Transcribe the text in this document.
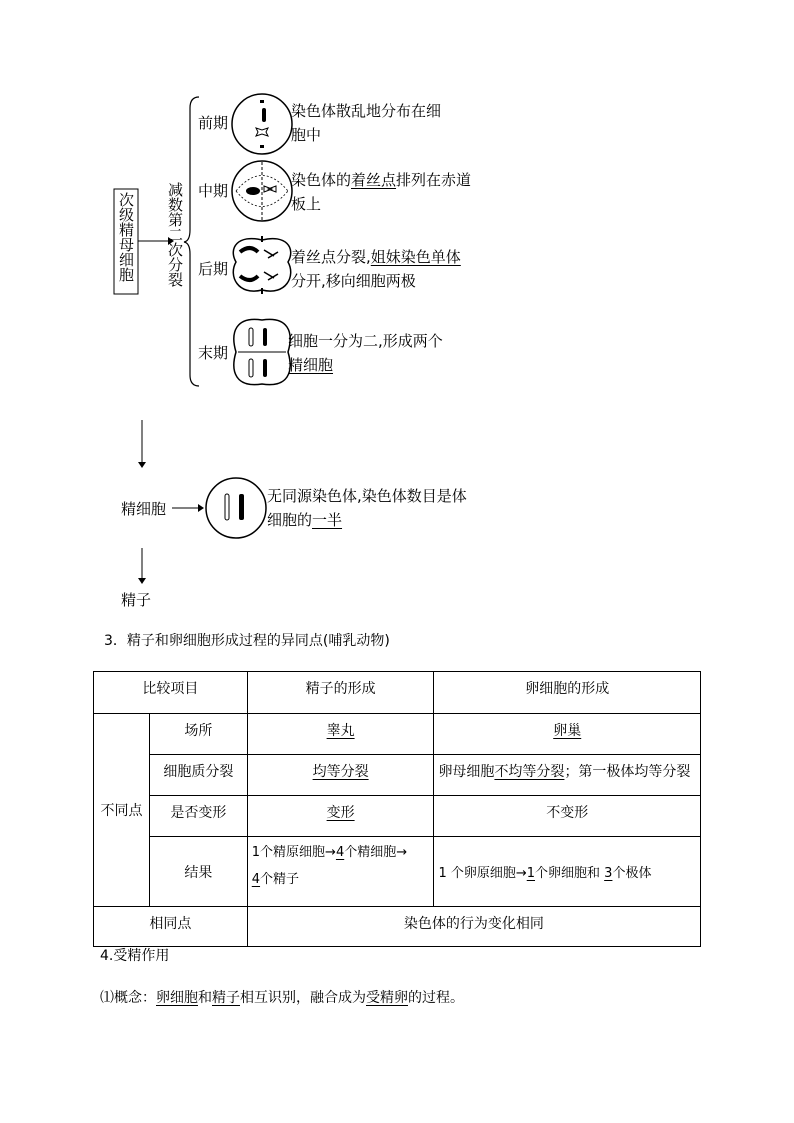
次级精母细胞 减数第二次分裂
前期
中期
后期
末期
染色体散乱地分布在细
胞中
染色体的着丝点排列在赤道
板上
着丝点分裂,姐妹染色单体
分开,移向细胞两极
细胞一分为二,形成两个
精细胞
精细胞
无同源染色体,染色体数目是体
细胞的一半
精子
3．精子和卵细胞形成过程的异同点(哺乳动物)
比较项目		精子的形成	卵细胞的形成
不同点	场所	睾丸	卵巢
	细胞质分裂	均等分裂	卵母细胞不均等分裂；第一极体均等分裂
	是否变形	变形	不变形
	结果	1个精原细胞→4个精细胞→
4个精子	1 个卵原细胞→1个卵细胞和 3个极体
相同点		染色体的行为变化相同	
4.受精作用
⑴概念：卵细胞和精子相互识别，融合成为受精卵的过程。
